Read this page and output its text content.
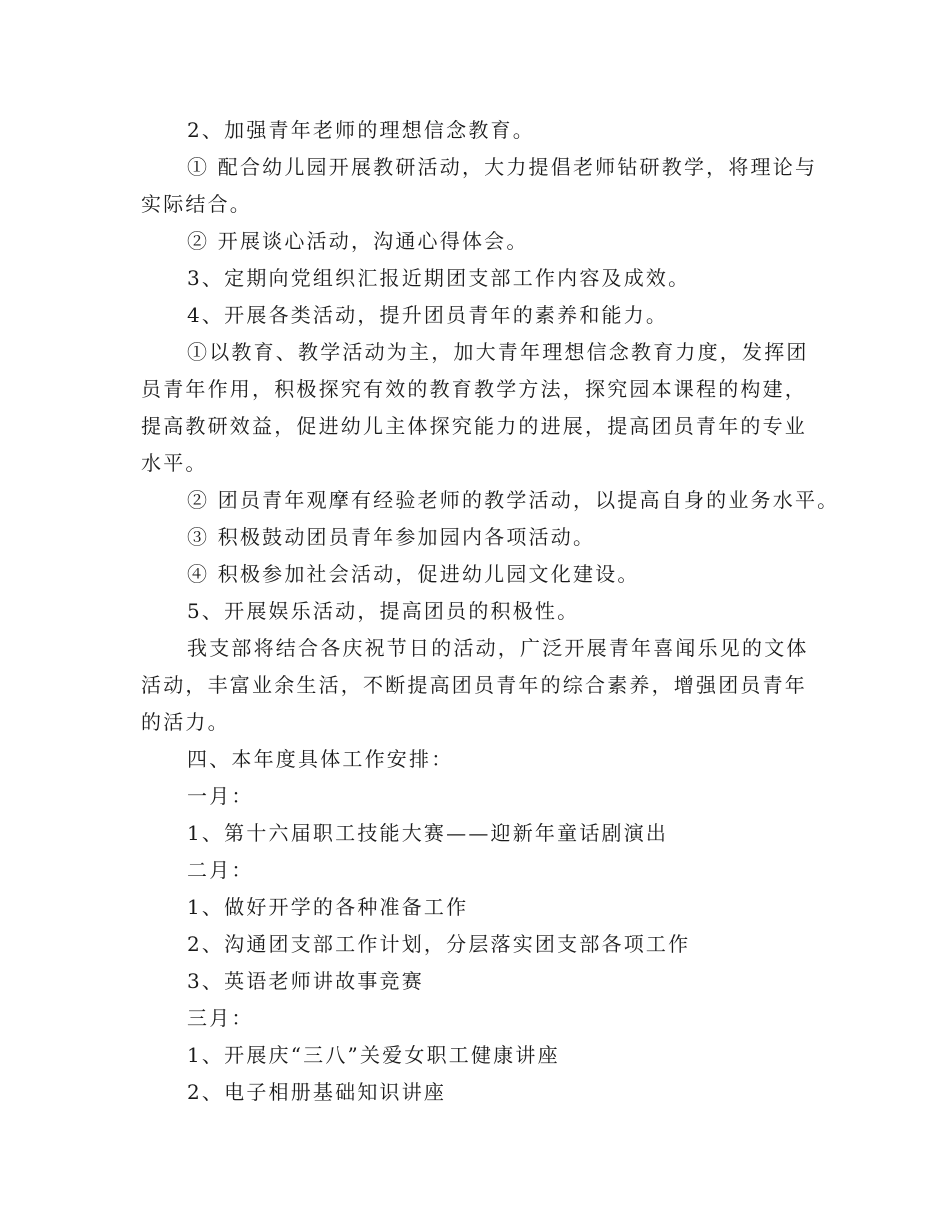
2、加强青年老师的理想信念教育。
① 配合幼儿园开展教研活动，大力提倡老师钻研教学，将理论与
实际结合。
② 开展谈心活动，沟通心得体会。
3、定期向党组织汇报近期团支部工作内容及成效。
4、开展各类活动，提升团员青年的素养和能力。
①以教育、教学活动为主，加大青年理想信念教育力度，发挥团
员青年作用，积极探究有效的教育教学方法，探究园本课程的构建，
提高教研效益，促进幼儿主体探究能力的进展，提高团员青年的专业
水平。
② 团员青年观摩有经验老师的教学活动，以提高自身的业务水平。
③ 积极鼓动团员青年参加园内各项活动。
④ 积极参加社会活动，促进幼儿园文化建设。
5、开展娱乐活动，提高团员的积极性。
我支部将结合各庆祝节日的活动，广泛开展青年喜闻乐见的文体
活动，丰富业余生活，不断提高团员青年的综合素养，增强团员青年
的活力。
四、本年度具体工作安排：
一月：
1、第十六届职工技能大赛——迎新年童话剧演出
二月：
1、做好开学的各种准备工作
2、沟通团支部工作计划，分层落实团支部各项工作
3、英语老师讲故事竞赛
三月：
1、开展庆“三八”关爱女职工健康讲座
2、电子相册基础知识讲座
